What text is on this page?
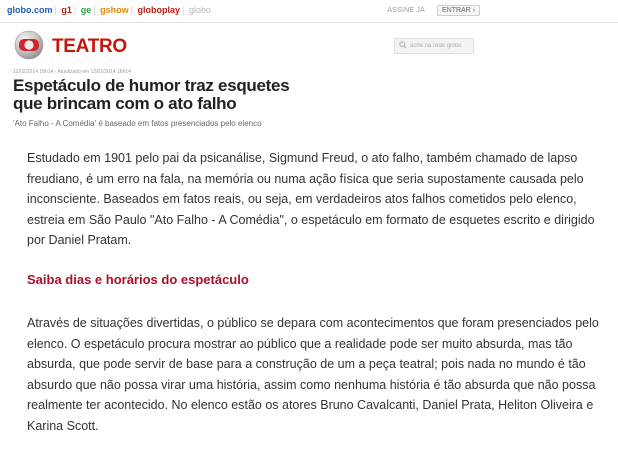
globo.com | g1 | ge | gshow | globoplay | globo	ASSINE JÁ ENTRAR ›
TEATRO
ache na rede globo
12/02/2014 16h14 - Atualizado em 12/02/2014 16h14
Espetáculo de humor traz esquetes que brincam com o ato falho
'Ato Falho - A Comédia' é baseado em fatos presenciados pelo elenco

Estudado em 1901 pelo pai da psicanálise, Sigmund Freud, o ato falho, também chamado de lapso freudiano, é um erro na fala, na memória ou numa ação física que seria supostamente causada pelo inconsciente. Baseados em fatos reais, ou seja, em verdadeiros atos falhos cometidos pelo elenco, estreia em São Paulo "Ato Falho - A Comédia", o espetáculo em formato de esquetes escrito e dirigido por Daniel Pratam.

Saiba dias e horários do espetáculo

Através de situações divertidas, o público se depara com acontecimentos que foram presenciados pelo elenco. O espetáculo procura mostrar ao público que a realidade pode ser muito absurda, mas tão absurda, que pode servir de base para a construção de um a peça teatral; pois nada no mundo é tão absurdo que não possa virar uma história, assim como nenhuma história é tão absurda que não possa realmente ter acontecido. No elenco estão os atores Bruno Cavalcanti, Daniel Prata, Heliton Oliveira e Karina Scott.
